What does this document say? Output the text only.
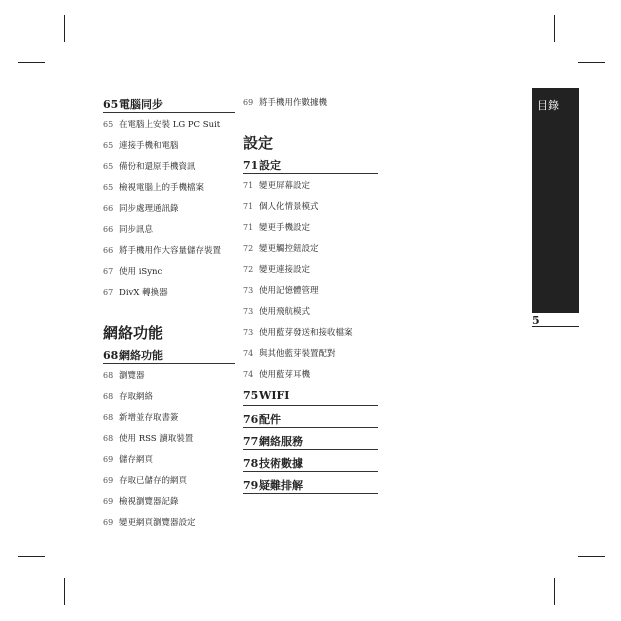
65 電腦同步
65 在電腦上安裝 LG PC Suit
65 連接手機和電腦
65 備份和還原手機資訊
65 檢視電腦上的手機檔案
66 同步處理通訊錄
66 同步訊息
66 將手機用作大容量儲存裝置
67 使用 iSync
67 DivX 轉換器
網絡功能
68 網絡功能
68 瀏覽器
68 存取網絡
68 新增並存取書簽
68 使用 RSS 讀取裝置
69 儲存網頁
69 存取已儲存的網頁
69 檢視瀏覽器記錄
69 變更網頁瀏覽器設定
69 將手機用作數據機
設定
71 設定
71 變更屏幕設定
71 個人化情景模式
71 變更手機設定
72 變更觸控鈕設定
72 變更連接設定
73 使用記憶體管理
73 使用飛航模式
73 使用藍芽發送和接收檔案
74 與其他藍芽裝置配對
74 使用藍芽耳機
75 WIFI
76 配件
77 網絡服務
78 技術數據
79 疑難排解
目錄
5
